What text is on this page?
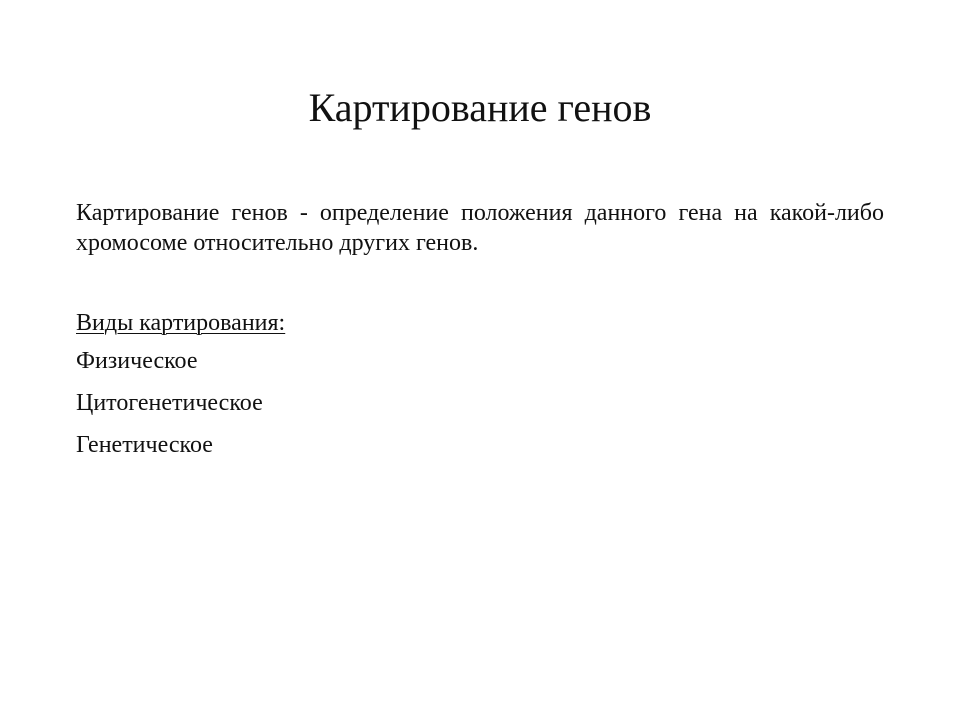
Картирование генов

Картирование генов - определение положения данного гена на какой-либо хромосоме относительно других генов.

Виды картирования:

Физическое
Цитогенетическое
Генетическое
